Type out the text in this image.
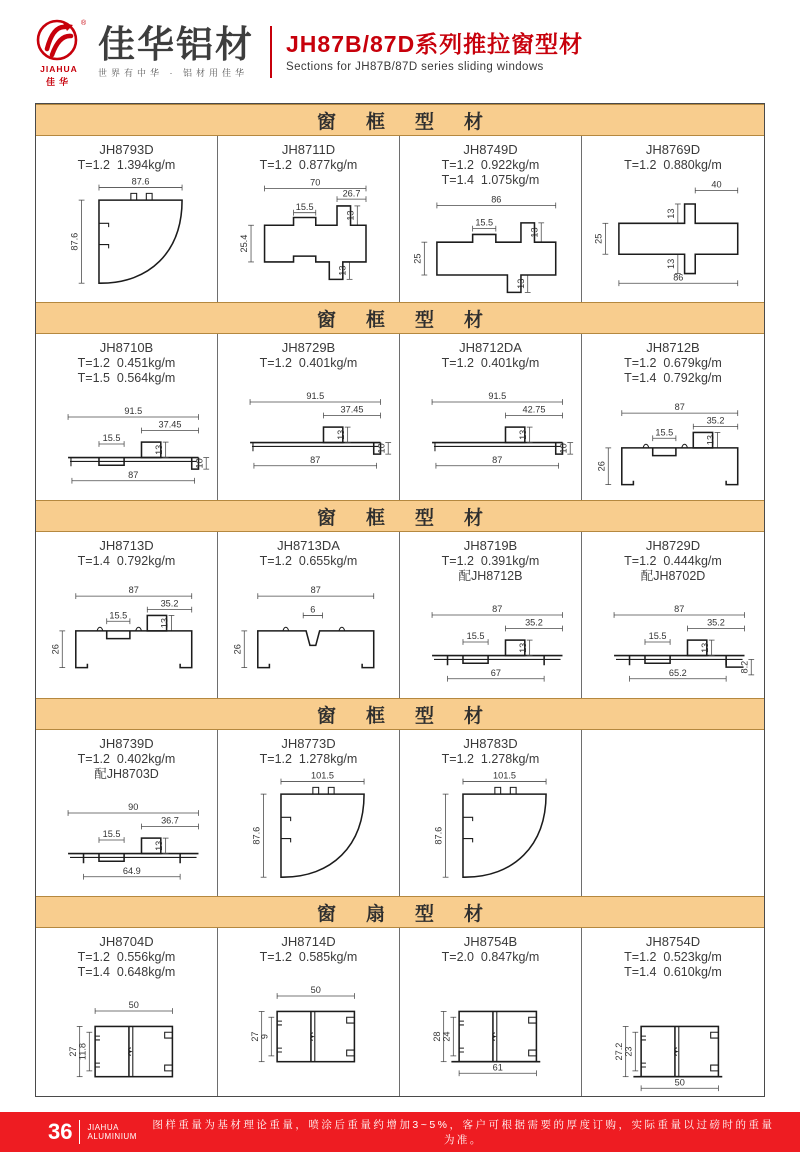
®
JIAHUA
佳华
佳华铝材
世界有中华 · 铝材用佳华
JH87B/87D系列推拉窗型材
Sections for JH87B/87D series sliding windows
窗框型材
JH8793D
T=1.2  1.394kg/m
87.6
87.6
JH8711D
T=1.2  0.877kg/m
70
26.7
15.5
13
25.4
13
JH8749D
T=1.2  0.922kg/m
T=1.4  1.075kg/m
86
15.5
13
25
13
JH8769D
T=1.2  0.880kg/m
40
13
25
13
86
窗框型材
JH8710B
T=1.2  0.451kg/m
T=1.5  0.564kg/m
91.5
37.45
13
15.5
10
87
JH8729B
T=1.2  0.401kg/m
91.5
37.45
13
10
87
JH8712DA
T=1.2  0.401kg/m
91.5
42.75
13
10
87
JH8712B
T=1.2  0.679kg/m
T=1.4  0.792kg/m
87
35.2
15.5
13
26
窗框型材
JH8713D
T=1.4  0.792kg/m
87
35.2
15.5
13
26
JH8713DA
T=1.2  0.655kg/m
87
6
26
JH8719B
T=1.2  0.391kg/m
配JH8712B
87
35.2
13
15.5
67
JH8729D
T=1.2  0.444kg/m
配JH8702D
87
35.2
13
15.5
65.2	8.2
窗框型材
JH8739D
T=1.2  0.402kg/m
配JH8703D
90
36.7
13
15.5
64.9
JH8773D
T=1.2  1.278kg/m
101.5
87.6
JH8783D
T=1.2  1.278kg/m
101.5
87.6
窗扇型材
JH8704D
T=1.2  0.556kg/m
T=1.4  0.648kg/m
27 11.8
50
JH8714D
T=1.2  0.585kg/m
27 9
50
JH8754B
T=2.0  0.847kg/m
28 24
61
JH8754D
T=1.2  0.523kg/m
T=1.4  0.610kg/m
27.2 23
50
36 JIAHUA
ALUMINIUM
图样重量为基材理论重量，喷涂后重量约增加3~5%，客户可根据需要的厚度订购，实际重量以过磅时的重量为准。
